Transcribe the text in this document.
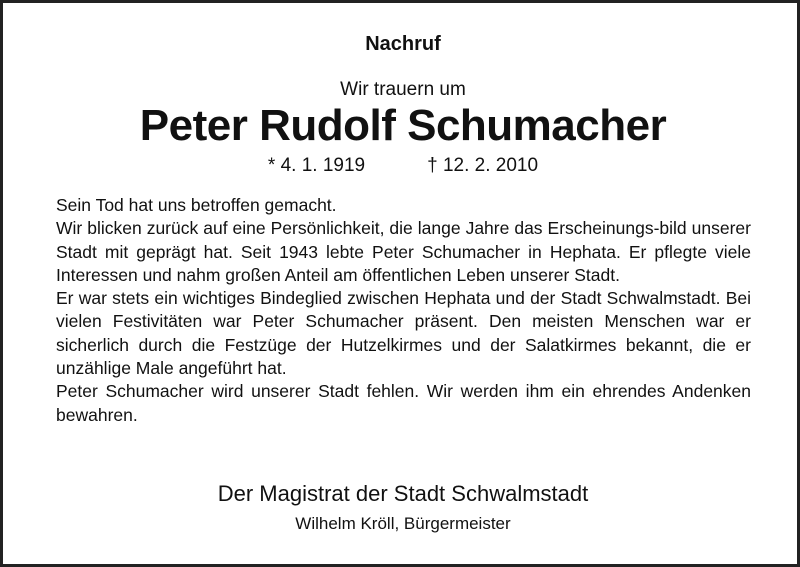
Nachruf
Wir trauern um
Peter Rudolf Schumacher
* 4. 1. 1919	† 12. 2. 2010

Sein Tod hat uns betroffen gemacht.

Wir blicken zurück auf eine Persönlichkeit, die lange Jahre das Erscheinungs-bild unserer Stadt mit geprägt hat. Seit 1943 lebte Peter Schumacher in Hephata. Er pflegte viele Interessen und nahm großen Anteil am öffentlichen Leben unserer Stadt.

Er war stets ein wichtiges Bindeglied zwischen Hephata und der Stadt Schwalmstadt. Bei vielen Festivitäten war Peter Schumacher präsent. Den meisten Menschen war er sicherlich durch die Festzüge der Hutzelkirmes und der Salatkirmes bekannt, die er unzählige Male angeführt hat.

Peter Schumacher wird unserer Stadt fehlen. Wir werden ihm ein ehrendes Andenken bewahren.

Der Magistrat der Stadt Schwalmstadt
Wilhelm Kröll, Bürgermeister
